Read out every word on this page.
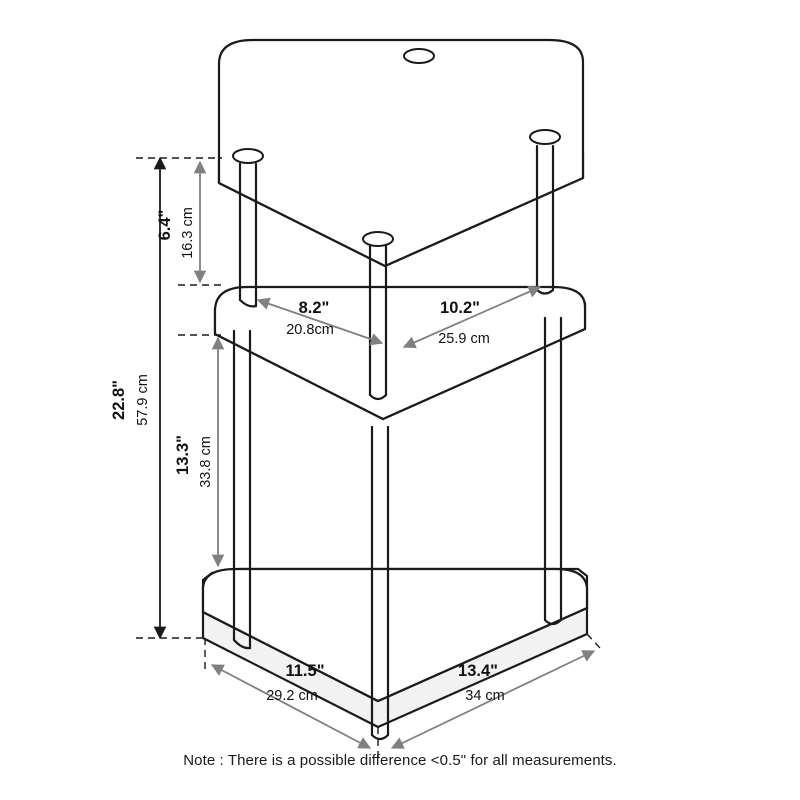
22.8" 57.9 cm
6.4" 16.3 cm
13.3" 33.8 cm
8.2"
20.8cm
10.2"
25.9 cm
11.5"
29.2 cm
13.4"
34 cm
Note : There is a possible difference <0.5" for all measurements.
